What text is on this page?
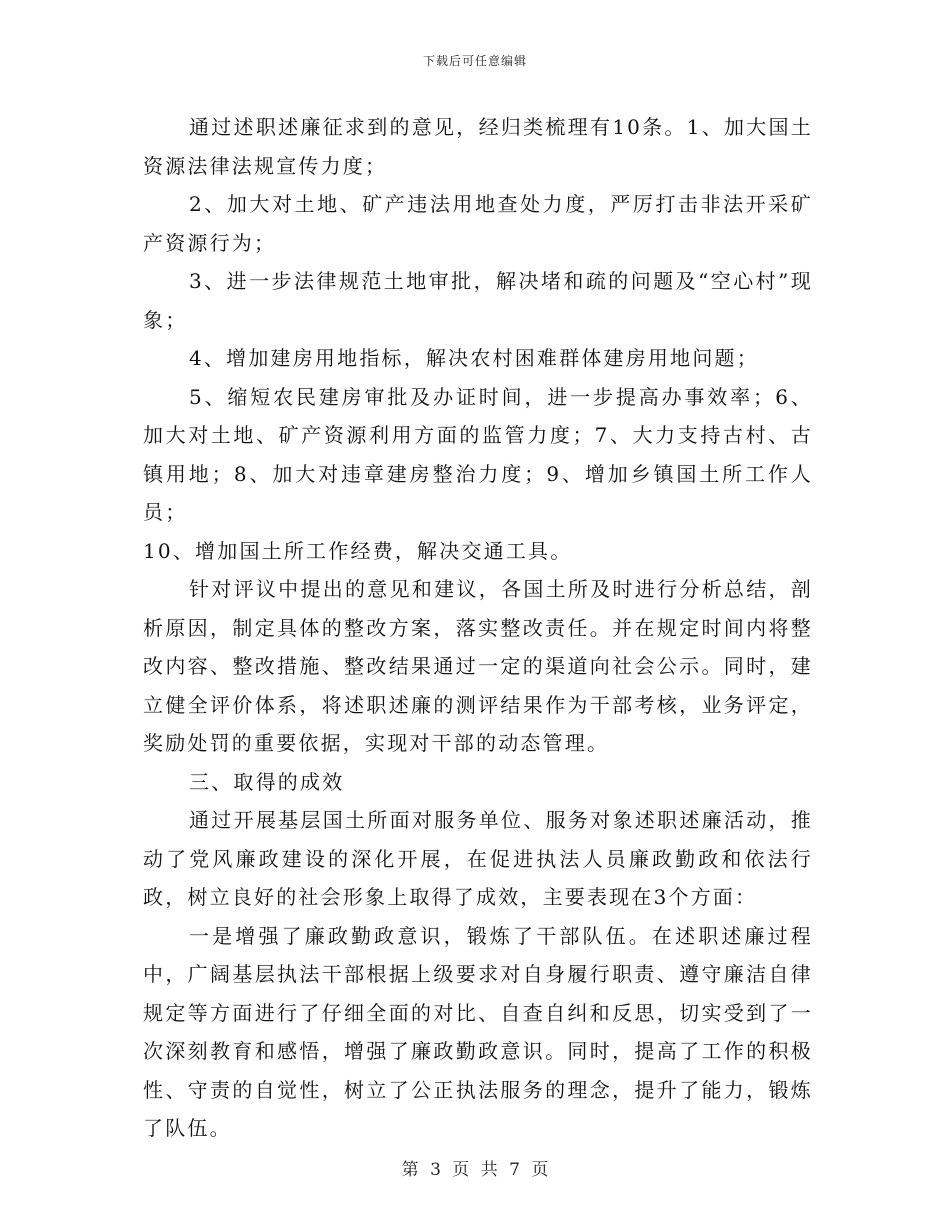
下载后可任意编辑

通过述职述廉征求到的意见，经归类梳理有10条。1、加大国土资源法律法规宣传力度；

2、加大对土地、矿产违法用地查处力度，严厉打击非法开采矿产资源行为；

3、进一步法律规范土地审批，解决堵和疏的问题及“空心村”现象；

4、增加建房用地指标，解决农村困难群体建房用地问题；

5、缩短农民建房审批及办证时间，进一步提高办事效率；6、加大对土地、矿产资源利用方面的监管力度；7、大力支持古村、古镇用地；8、加大对违章建房整治力度；9、增加乡镇国土所工作人员；

10、增加国土所工作经费，解决交通工具。

针对评议中提出的意见和建议，各国土所及时进行分析总结，剖析原因，制定具体的整改方案，落实整改责任。并在规定时间内将整改内容、整改措施、整改结果通过一定的渠道向社会公示。同时，建立健全评价体系，将述职述廉的测评结果作为干部考核，业务评定，奖励处罚的重要依据，实现对干部的动态管理。

三、取得的成效

通过开展基层国土所面对服务单位、服务对象述职述廉活动，推动了党风廉政建设的深化开展，在促进执法人员廉政勤政和依法行政，树立良好的社会形象上取得了成效，主要表现在3个方面：

一是增强了廉政勤政意识，锻炼了干部队伍。在述职述廉过程中，广阔基层执法干部根据上级要求对自身履行职责、遵守廉洁自律规定等方面进行了仔细全面的对比、自查自纠和反思，切实受到了一次深刻教育和感悟，增强了廉政勤政意识。同时，提高了工作的积极性、守责的自觉性，树立了公正执法服务的理念，提升了能力，锻炼了队伍。

第 3 页 共 7 页
